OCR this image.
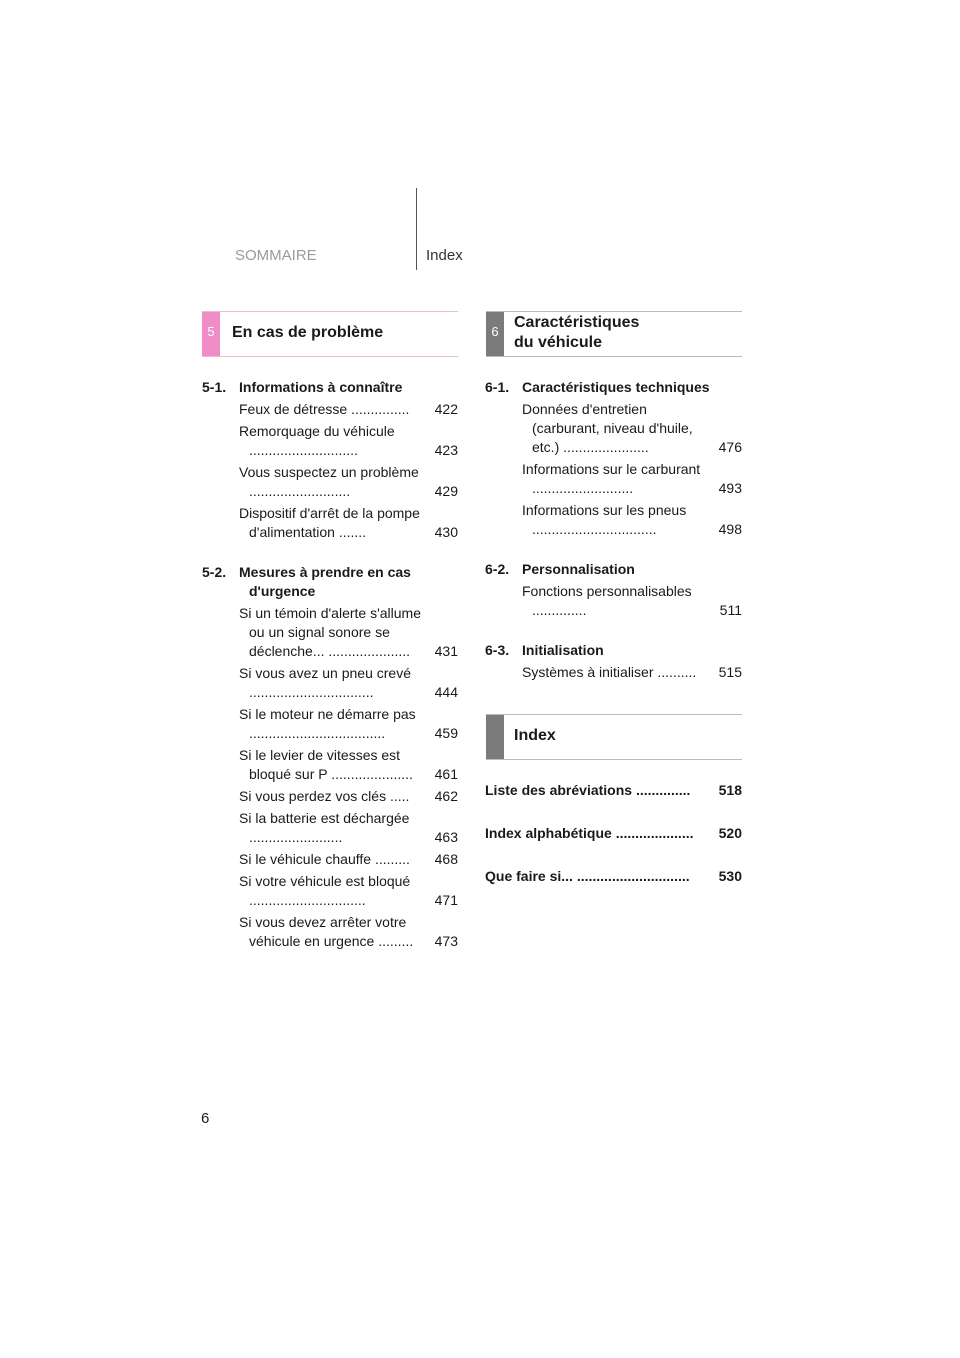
SOMMAIRE	Index
5	En cas de problème	6
Caractéristiques
du véhicule
Index
5-1. Informations à connaître
Feux de détresse ...............	422
Remorquage du véhicule ............................	423
Vous suspectez un problème ..........................	429
Dispositif d'arrêt de la pompe d'alimentation .......	430
5-2. Mesures à prendre en cas d'urgence
Si un témoin d'alerte s'allume ou un signal sonore se déclenche... .....................	431
Si vous avez un pneu crevé ................................	444
Si le moteur ne démarre pas ...................................	459
Si le levier de vitesses est bloqué sur P .....................	461
Si vous perdez vos clés .....	462
Si la batterie est déchargée ........................	463
Si le véhicule chauffe .........	468
Si votre véhicule est bloqué ..............................	471
Si vous devez arrêter votre véhicule en urgence .........	473
6-1. Caractéristiques techniques
Données d'entretien (carburant, niveau d'huile, etc.) ......................	476
Informations sur le carburant ..........................	493
Informations sur les pneus ................................	498
6-2. Personnalisation
Fonctions personnalisables ..............	511
6-3. Initialisation
Systèmes à initialiser ..........	515
Liste des abréviations ..............	518
Index alphabétique ....................	520
Que faire si... .............................	530
6
